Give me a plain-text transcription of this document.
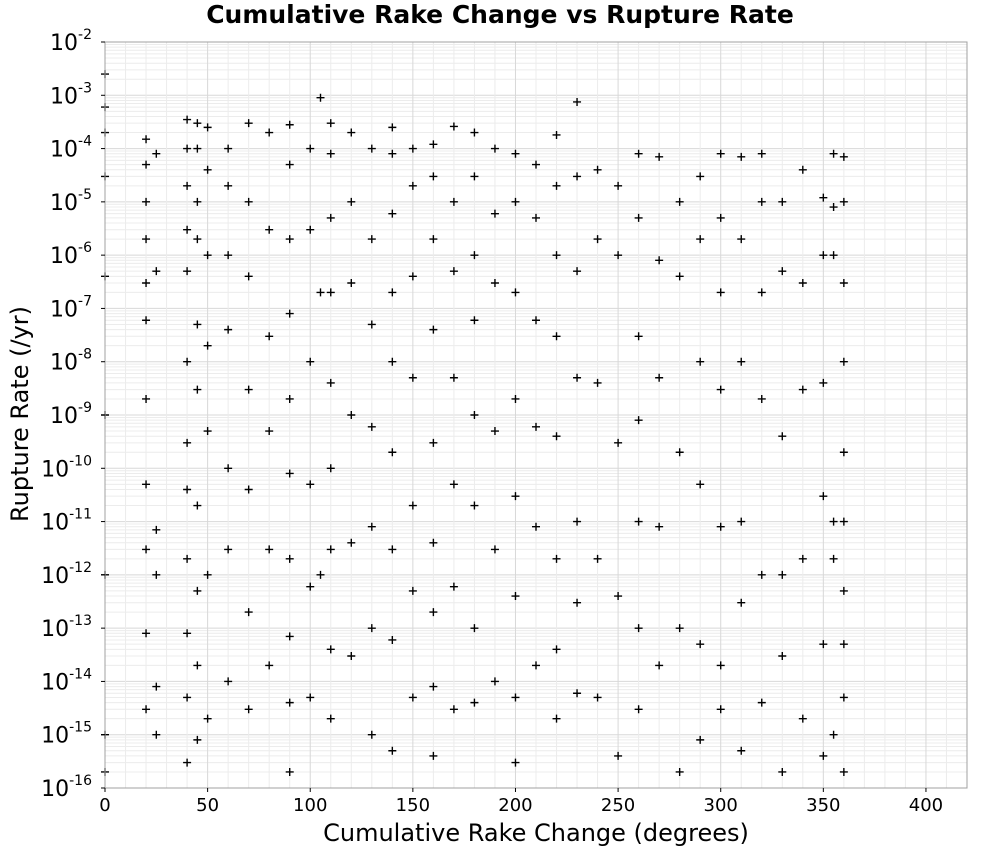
Cumulative Rake Change vs Rupture Rate
Cumulative Rake Change (degrees)
Rupture Rate (/yr)
0	50	100	150	200	250	300	350	400
$10^{-2}$
$10^{-3}$
$10^{-4}$
$10^{-5}$
$10^{-6}$
$10^{-7}$
$10^{-8}$
$10^{-9}$
$10^{-10}$
$10^{-11}$
$10^{-12}$
$10^{-13}$
$10^{-14}$
$10^{-15}$
$10^{-16}$
